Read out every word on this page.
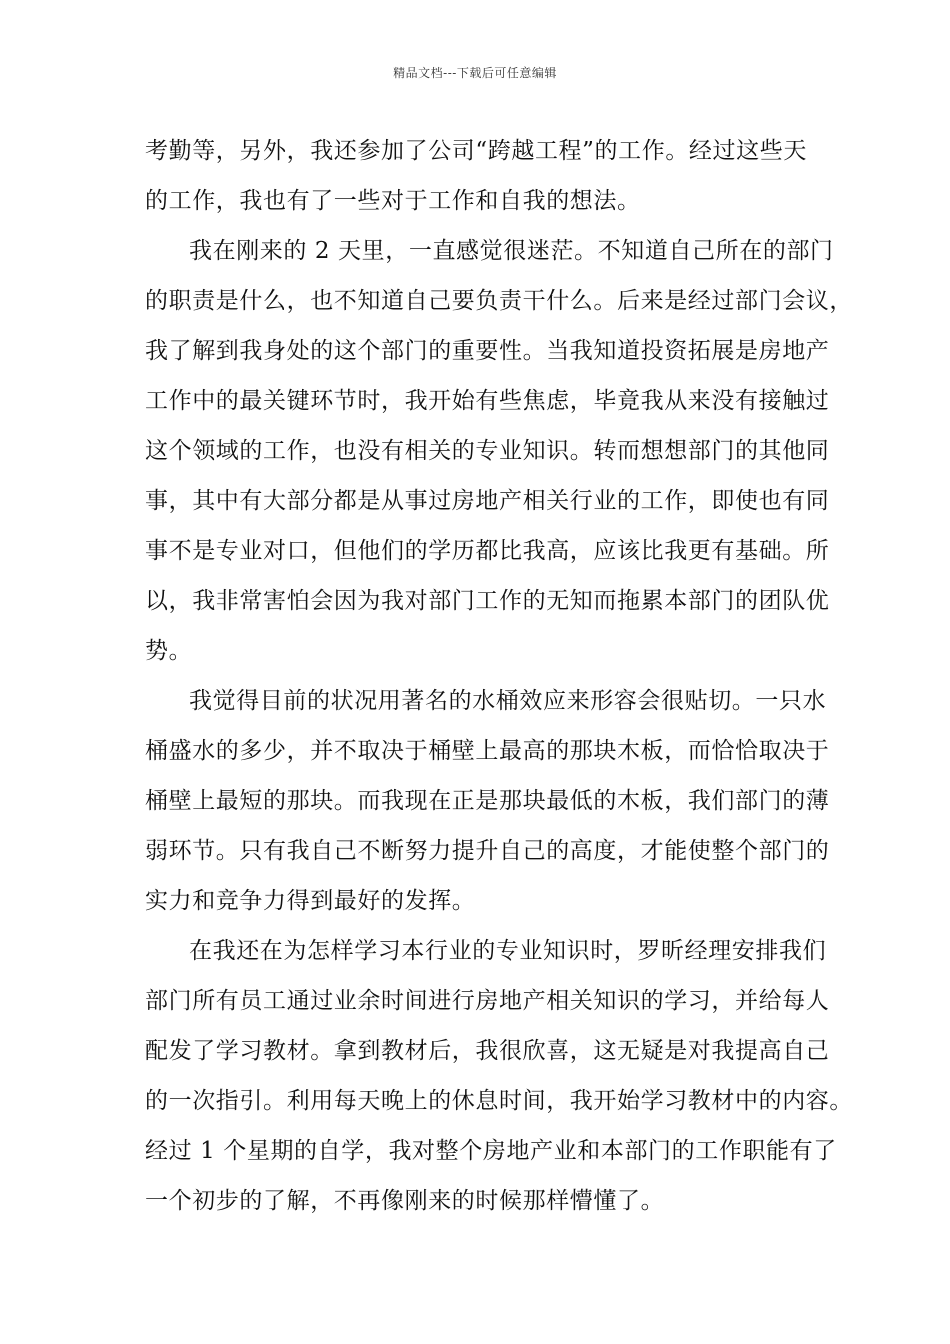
精品文档---下载后可任意编辑
考勤等，另外，我还参加了公司“跨越工程”的工作。经过这些天
的工作，我也有了一些对于工作和自我的想法。
我在刚来的 2 天里，一直感觉很迷茫。不知道自己所在的部门
的职责是什么，也不知道自己要负责干什么。后来是经过部门会议，
我了解到我身处的这个部门的重要性。当我知道投资拓展是房地产
工作中的最关键环节时，我开始有些焦虑，毕竟我从来没有接触过
这个领域的工作，也没有相关的专业知识。转而想想部门的其他同
事，其中有大部分都是从事过房地产相关行业的工作，即使也有同
事不是专业对口，但他们的学历都比我高，应该比我更有基础。所
以，我非常害怕会因为我对部门工作的无知而拖累本部门的团队优
势。
我觉得目前的状况用著名的水桶效应来形容会很贴切。一只水
桶盛水的多少，并不取决于桶壁上最高的那块木板，而恰恰取决于
桶壁上最短的那块。而我现在正是那块最低的木板，我们部门的薄
弱环节。只有我自己不断努力提升自己的高度，才能使整个部门的
实力和竞争力得到最好的发挥。
在我还在为怎样学习本行业的专业知识时，罗昕经理安排我们
部门所有员工通过业余时间进行房地产相关知识的学习，并给每人
配发了学习教材。拿到教材后，我很欣喜，这无疑是对我提高自己
的一次指引。利用每天晚上的休息时间，我开始学习教材中的内容。
经过 1 个星期的自学，我对整个房地产业和本部门的工作职能有了
一个初步的了解，不再像刚来的时候那样懵懂了。
